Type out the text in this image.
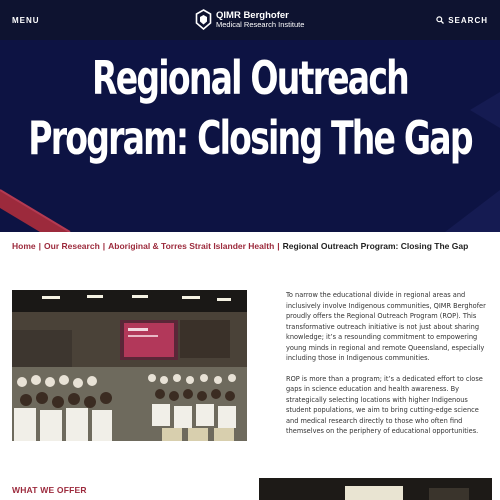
MENU	QIMR Berghofer
Medical Research Institute	SEARCH
Regional Outreach Program: Closing The Gap
Home | Our Research | Aboriginal & Torres Strait Islander Health | Regional Outreach Program: Closing The Gap

To narrow the educational divide in regional areas and inclusively involve Indigenous communities, QIMR Berghofer proudly offers the Regional Outreach Program (ROP). This transformative outreach initiative is not just about sharing knowledge; it’s a resounding commitment to empowering young minds in regional and remote Queensland, especially including those in Indigenous communities.

ROP is more than a program; it’s a dedicated effort to close gaps in science education and health awareness. By strategically selecting locations with higher Indigenous student populations, we aim to bring cutting-edge science and medical research directly to those who often find themselves on the periphery of educational opportunities.

WHAT WE OFFER
